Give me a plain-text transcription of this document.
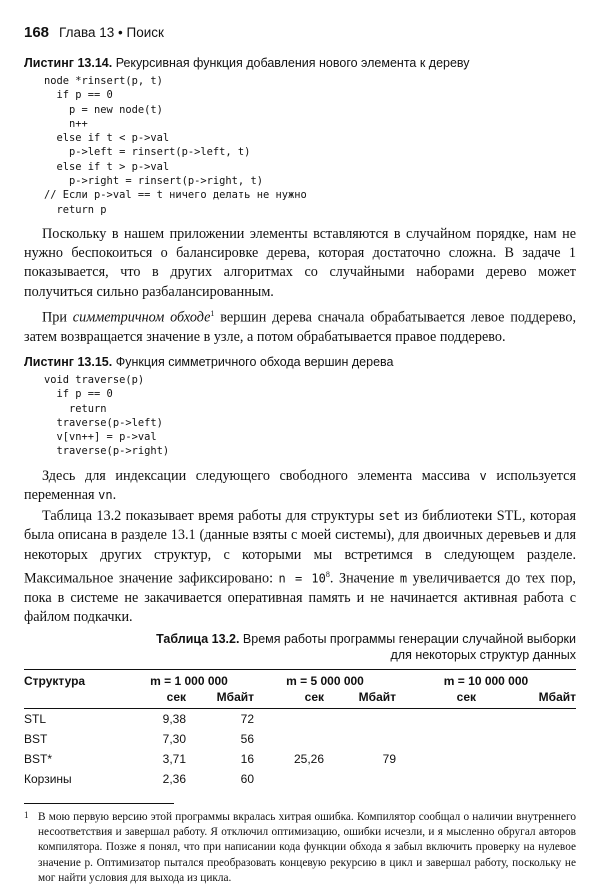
168 Глава 13 • Поиск
Листинг 13.14. Рекурсивная функция добавления нового элемента к дереву
node *rinsert(p, t)
if p == 0
p = new node(t)
n++
else if t < p->val
p->left = rinsert(p->left, t)
else if t > p->val
p->right = rinsert(p->right, t)
// Если p->val == t ничего делать не нужно
return p

Поскольку в нашем приложении элементы вставляются в случайном порядке, нам не нужно беспокоиться о балансировке дерева, которая достаточно сложна. В задаче 1 показывается, что в других алгоритмах со случайными наборами дерево может получиться сильно разбалансированным.

При симметричном обходе$^1$ вершин дерева сначала обрабатывается левое поддерево, затем возвращается значение в узле, а потом обрабатывается правое поддерево.

Листинг 13.15. Функция симметричного обхода вершин дерева
void traverse(p)
if p == 0
return
traverse(p->left)
v[vn++] = p->val
traverse(p->right)

Здесь для индексации следующего свободного элемента массива v используется переменная vn.

Таблица 13.2 показывает время работы для структуры set из библиотеки STL, которая была описана в разделе 13.1 (данные взяты с моей системы), для двоичных деревьев и для некоторых других структур, с которыми мы встретимся в следующем разделе. Максимальное значение зафиксировано: $n = 10^8$. Значение m увеличивается до тех пор, пока в системе не закачивается оперативная память и не начинается активная работа с файлом подкачки.

Таблица 13.2. Время работы программы генерации случайной выборки
для некоторых структур данных
Структура	m = 1 000 000		m = 5 000 000		m = 10 000 000	
	сек	Мбайт	сек	Мбайт	сек	Мбайт
STL	9,38	72				
BST	7,30	56				
BST*	3,71	16	25,26	79		
Корзины	2,36	60				
1 В мою первую версию этой программы вкралась хитрая ошибка. Компилятор сообщал о наличии внутреннего несоответствия и завершал работу. Я отключил оптимизацию, ошибки исчезли, и я мысленно обругал авторов компилятора. Позже я понял, что при написании кода функции обхода я забыл включить проверку на нулевое значение p. Оптимизатор пытался преобразовать концевую рекурсию в цикл и завершал работу, поскольку не мог найти условия для выхода из цикла.
